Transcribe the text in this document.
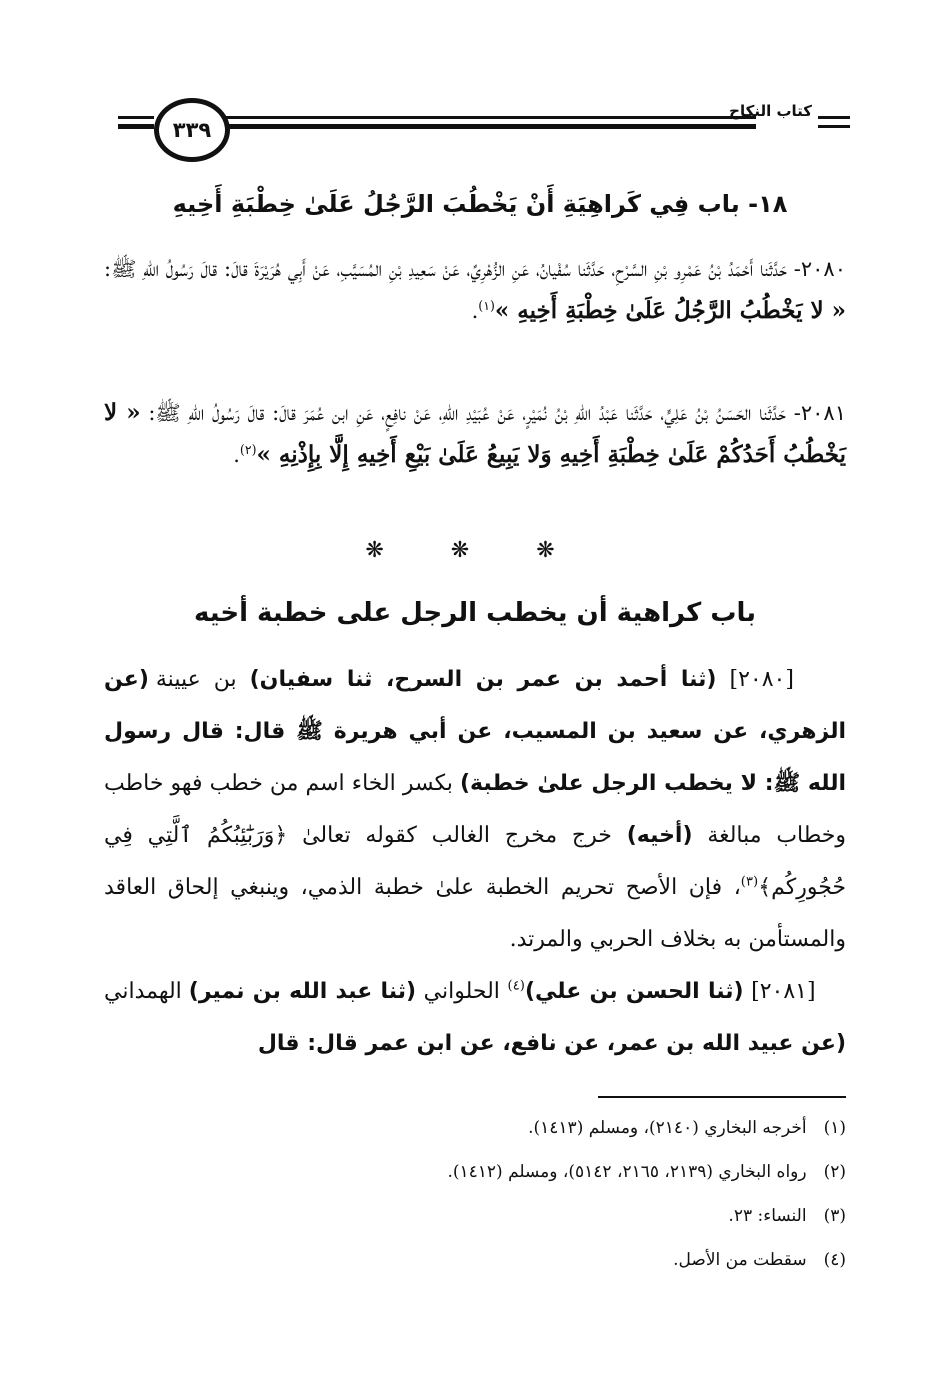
كتاب النكاح
٣٣٩
١٨- باب فِي كَراهِيَةِ أَنْ يَخْطُبَ الرَّجُلُ عَلَىٰ خِطْبَةِ أَخِيهِ
٢٠٨٠- حَدَّثَنا أَحْمَدُ بْنُ عَمْرِو بْنِ السَّرْحِ، حَدَّثَنا سُفْيانُ، عَنِ الزُّهْرِيِّ، عَنْ سَعِيدِ بْنِ المُسَيَّبِ، عَنْ أَبِي هُرَيْرَةَ قالَ: قالَ رَسُولُ اللهِ ﷺ: « لا يَخْطُبُ الرَّجُلُ عَلَىٰ خِطْبَةِ أَخِيهِ »$^{(١)}$.
٢٠٨١- حَدَّثَنا الحَسَنُ بْنُ عَلِيٍّ، حَدَّثَنا عَبْدُ اللهِ بْنُ نُمَيْرٍ، عَنْ عُبَيْدِ اللهِ، عَنْ نافِعٍ، عَنِ ابن عُمَرَ قالَ: قالَ رَسُولُ اللهِ ﷺ: « لا يَخْطُبُ أَحَدُكُمْ عَلَىٰ خِطْبَةِ أَخِيهِ وَلا يَبِيعُ عَلَىٰ بَيْعِ أَخِيهِ إِلَّا بِإِذْنِهِ »$^{(٢)}$.
❋ ❋ ❋
باب كراهية أن يخطب الرجل على خطبة أخيه
[٢٠٨٠] (ثنا أحمد بن عمر بن السرح، ثنا سفيان) بن عيينة (عن الزهري، عن سعيد بن المسيب، عن أبي هريرة ﷺ قال: قال رسول الله ﷺ: لا يخطب الرجل علىٰ خطبة) بكسر الخاء اسم من خطب فهو خاطب وخطاب مبالغة (أخيه) خرج مخرج الغالب كقوله تعالىٰ ﴿وَرَبَٰٓئِبُكُمُ ٱلَّتِي فِي حُجُورِكُم﴾$^{(٣)}$، فإن الأصح تحريم الخطبة علىٰ خطبة الذمي، وينبغي إلحاق العاقد والمستأمن به بخلاف الحربي والمرتد.
[٢٠٨١] (ثنا الحسن بن علي)$^{(٤)}$ الحلواني (ثنا عبد الله بن نمير) الهمداني (عن عبيد الله بن عمر، عن نافع، عن ابن عمر قال: قال
(١) أخرجه البخاري (٢١٤٠)، ومسلم (١٤١٣).
(٢) رواه البخاري (٢١٣٩، ٢١٦٥، ٥١٤٢)، ومسلم (١٤١٢).
(٣) النساء: ٢٣.
(٤) سقطت من الأصل.
